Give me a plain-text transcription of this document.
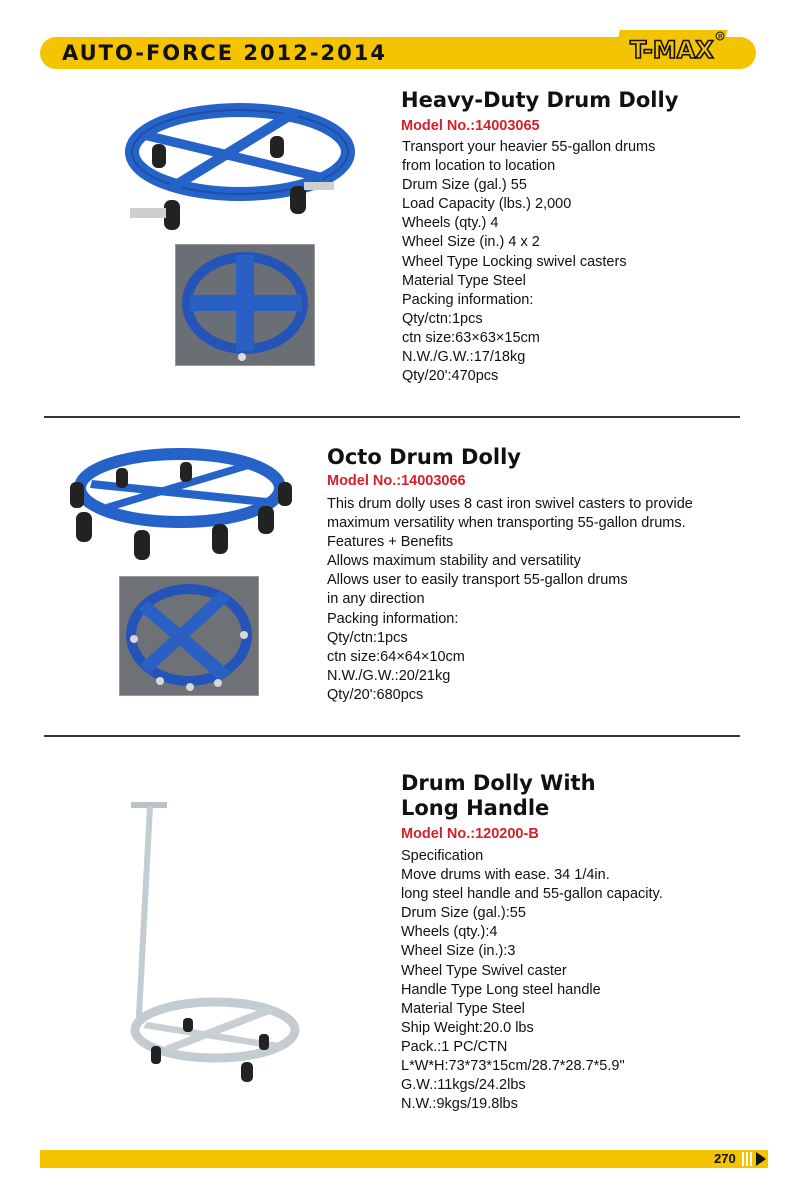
AUTO-FORCE 2012-2014	T-MAX R
Heavy-Duty Drum Dolly
Model No.:14003065
Transport your heavier 55-gallon drums
from location to location
Drum Size (gal.) 55
Load Capacity (lbs.) 2,000
Wheels (qty.) 4
Wheel Size (in.) 4 x 2
Wheel Type Locking swivel casters
Material Type Steel
Packing information:
Qty/ctn:1pcs
ctn size:63×63×15cm
N.W./G.W.:17/18kg
Qty/20':470pcs
Octo Drum Dolly
Model No.:14003066
This drum dolly uses 8 cast iron swivel casters to provide
maximum versatility when transporting 55-gallon drums.
Features + Benefits
Allows maximum stability and versatility
Allows user to easily transport 55-gallon drums
in any direction
Packing information:
Qty/ctn:1pcs
ctn size:64×64×10cm
N.W./G.W.:20/21kg
Qty/20':680pcs
Drum Dolly With
Long Handle
Model No.:120200-B
Specification
Move drums with ease. 34 1/4in.
long steel handle and 55-gallon capacity.
Drum Size (gal.):55
Wheels (qty.):4
Wheel Size (in.):3
Wheel Type Swivel caster
Handle Type Long steel handle
Material Type Steel
Ship Weight:20.0 lbs
Pack.:1 PC/CTN
L*W*H:73*73*15cm/28.7*28.7*5.9"
G.W.:11kgs/24.2lbs
N.W.:9kgs/19.8lbs
270
